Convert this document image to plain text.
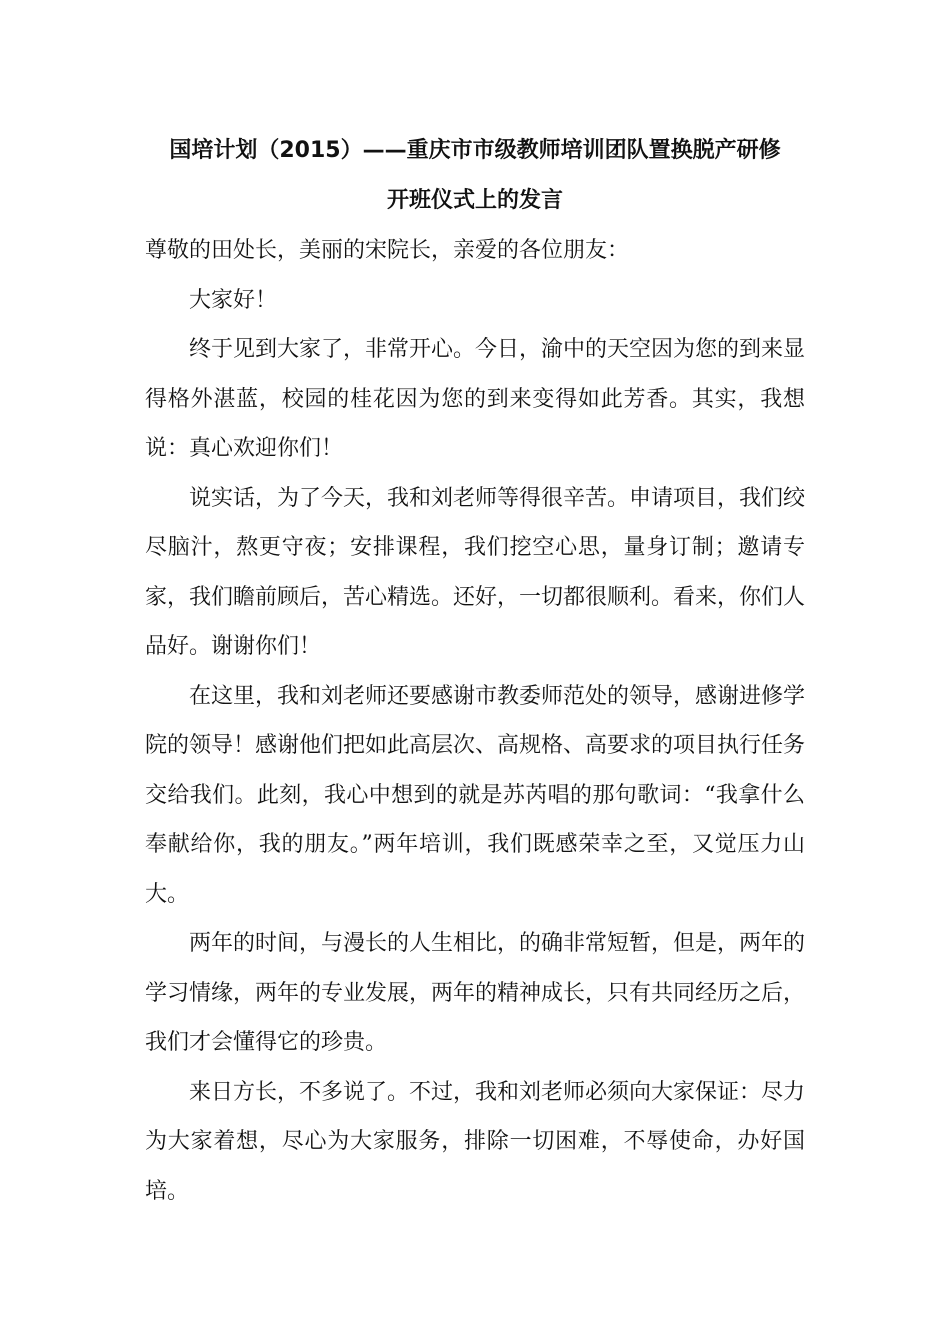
国培计划（2015）——重庆市市级教师培训团队置换脱产研修
开班仪式上的发言

尊敬的田处长，美丽的宋院长，亲爱的各位朋友：

大家好！

终于见到大家了，非常开心。今日，渝中的天空因为您的到来显得格外湛蓝，校园的桂花因为您的到来变得如此芳香。其实，我想说：真心欢迎你们！

说实话，为了今天，我和刘老师等得很辛苦。申请项目，我们绞尽脑汁，熬更守夜；安排课程，我们挖空心思，量身订制；邀请专家，我们瞻前顾后，苦心精选。还好，一切都很顺利。看来，你们人品好。谢谢你们！

在这里，我和刘老师还要感谢市教委师范处的领导，感谢进修学院的领导！感谢他们把如此高层次、高规格、高要求的项目执行任务交给我们。此刻，我心中想到的就是苏芮唱的那句歌词：“我拿什么奉献给你，我的朋友。”两年培训，我们既感荣幸之至，又觉压力山大。

两年的时间，与漫长的人生相比，的确非常短暂，但是，两年的学习情缘，两年的专业发展，两年的精神成长，只有共同经历之后，我们才会懂得它的珍贵。

来日方长，不多说了。不过，我和刘老师必须向大家保证：尽力为大家着想，尽心为大家服务，排除一切困难，不辱使命，办好国培。
